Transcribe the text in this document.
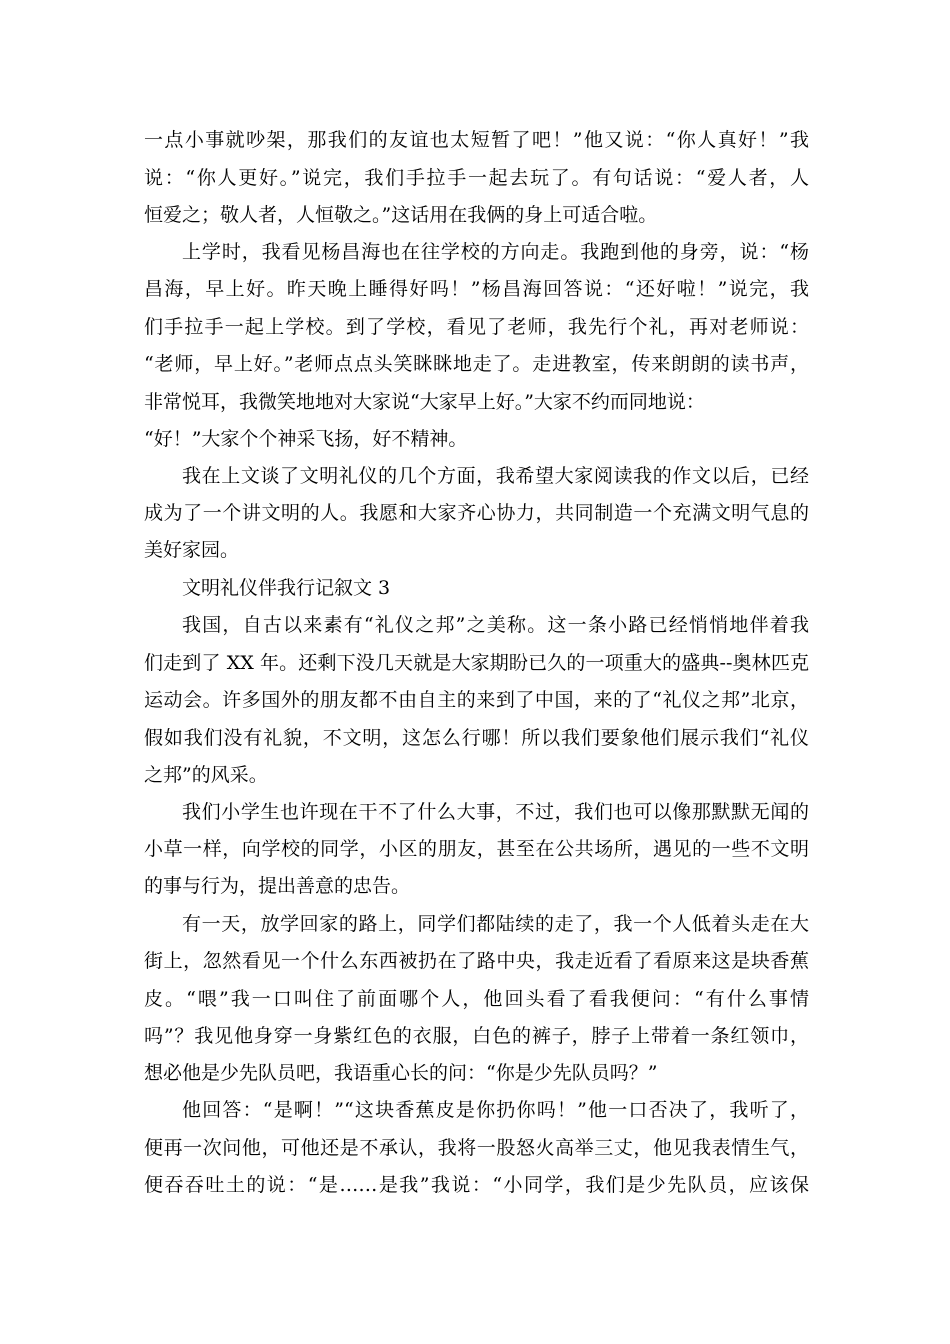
一点小事就吵架，那我们的友谊也太短暂了吧！”他又说：“你人真好！”我
说：“你人更好。”说完，我们手拉手一起去玩了。有句话说：“爱人者，人
恒爱之；敬人者，人恒敬之。”这话用在我俩的身上可适合啦。
上学时，我看见杨昌海也在往学校的方向走。我跑到他的身旁，说：“杨
昌海，早上好。昨天晚上睡得好吗！”杨昌海回答说：“还好啦！”说完，我
们手拉手一起上学校。到了学校，看见了老师，我先行个礼，再对老师说：
“老师，早上好。”老师点点头笑眯眯地走了。走进教室，传来朗朗的读书声，
非常悦耳，我微笑地地对大家说“大家早上好。”大家不约而同地说：
“好！”大家个个神采飞扬，好不精神。
我在上文谈了文明礼仪的几个方面，我希望大家阅读我的作文以后，已经
成为了一个讲文明的人。我愿和大家齐心协力，共同制造一个充满文明气息的
美好家园。
文明礼仪伴我行记叙文 3
我国，自古以来素有“礼仪之邦”之美称。这一条小路已经悄悄地伴着我
们走到了 XX 年。还剩下没几天就是大家期盼已久的一项重大的盛典--奥林匹克
运动会。许多国外的朋友都不由自主的来到了中国，来的了“礼仪之邦”北京，
假如我们没有礼貌，不文明，这怎么行哪！所以我们要象他们展示我们“礼仪
之邦”的风采。
我们小学生也许现在干不了什么大事，不过，我们也可以像那默默无闻的
小草一样，向学校的同学，小区的朋友，甚至在公共场所，遇见的一些不文明
的事与行为，提出善意的忠告。
有一天，放学回家的路上，同学们都陆续的走了，我一个人低着头走在大
街上，忽然看见一个什么东西被扔在了路中央，我走近看了看原来这是块香蕉
皮。“喂”我一口叫住了前面哪个人，他回头看了看我便问：“有什么事情
吗”？我见他身穿一身紫红色的衣服，白色的裤子，脖子上带着一条红领巾，
想必他是少先队员吧，我语重心长的问：“你是少先队员吗？”
他回答：“是啊！”“这块香蕉皮是你扔你吗！”他一口否决了，我听了，
便再一次问他，可他还是不承认，我将一股怒火高举三丈，他见我表情生气，
便吞吞吐土的说：“是……是我”我说：“小同学，我们是少先队员，应该保
